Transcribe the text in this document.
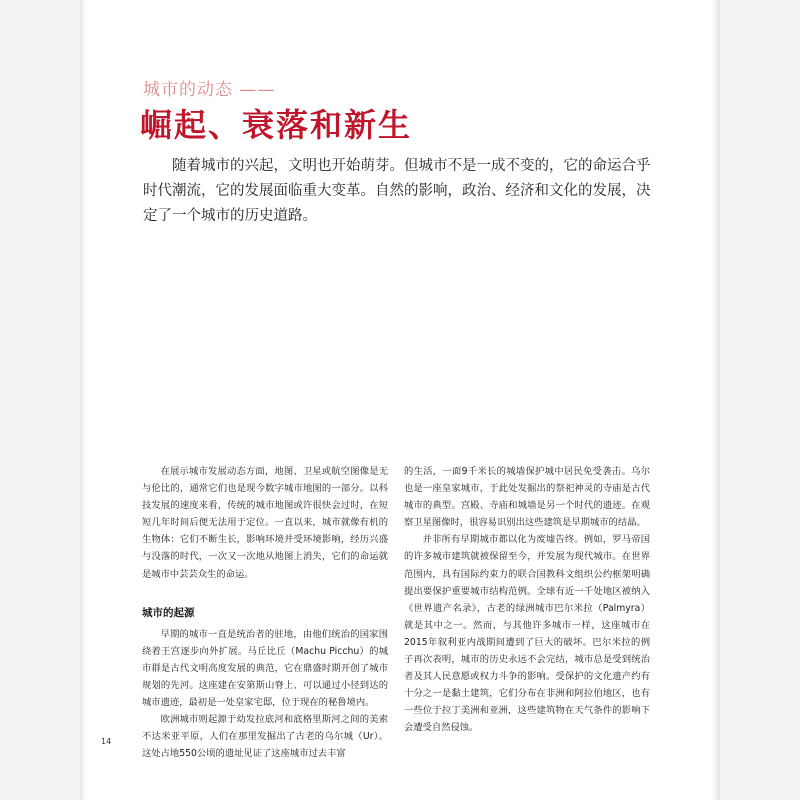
城市的动态 ——
崛起、衰落和新生

随着城市的兴起，文明也开始萌芽。但城市不是一成不变的，它的命运合乎时代潮流，它的发展面临重大变革。自然的影响，政治、经济和文化的发展，决定了一个城市的历史道路。

在展示城市发展动态方面，地图、卫星或航空图像是无与伦比的，通常它们也是现今数字城市地图的一部分。以科技发展的速度来看，传统的城市地图或许很快会过时，在短短几年时间后便无法用于定位。一直以来，城市就像有机的生物体：它们不断生长，影响环境并受环境影响，经历兴盛与没落的时代，一次又一次地从地图上消失，它们的命运就是城市中芸芸众生的命运。

城市的起源

早期的城市一直是统治者的驻地，由他们统治的国家围绕着王宫逐步向外扩展。马丘比丘（Machu Picchu）的城市群是古代文明高度发展的典范，它在鼎盛时期开创了城市规划的先河。这座建在安第斯山脊上、可以通过小径到达的城市遗迹，最初是一处皇家宅邸，位于现在的秘鲁境内。

欧洲城市则起源于幼发拉底河和底格里斯河之间的美索不达米亚平原，人们在那里发掘出了古老的乌尔城（Ur）。这处占地550公顷的遗址见证了这座城市过去丰富

的生活，一面9千米长的城墙保护城中居民免受袭击。乌尔也是一座皇家城市，于此处发掘出的祭祀神灵的寺庙是古代城市的典型。宫殿、寺庙和城墙是另一个时代的遗迹。在观察卫星图像时，很容易识别出这些建筑是早期城市的结晶。

并非所有早期城市都以化为废墟告终。例如，罗马帝国的许多城市建筑就被保留至今，并发展为现代城市。在世界范围内，具有国际约束力的联合国教科文组织公约框架明确提出要保护重要城市结构范例。全球有近一千处地区被纳入《世界遗产名录》，古老的绿洲城市巴尔米拉（Palmyra）就是其中之一。然而，与其他许多城市一样，这座城市在2015年叙利亚内战期间遭到了巨大的破坏。巴尔米拉的例子再次表明，城市的历史永远不会完结，城市总是受到统治者及其人民意愿或权力斗争的影响。受保护的文化遗产约有十分之一是黏土建筑，它们分布在非洲和阿拉伯地区，也有一些位于拉丁美洲和亚洲，这些建筑物在天气条件的影响下会遭受自然侵蚀。

14
